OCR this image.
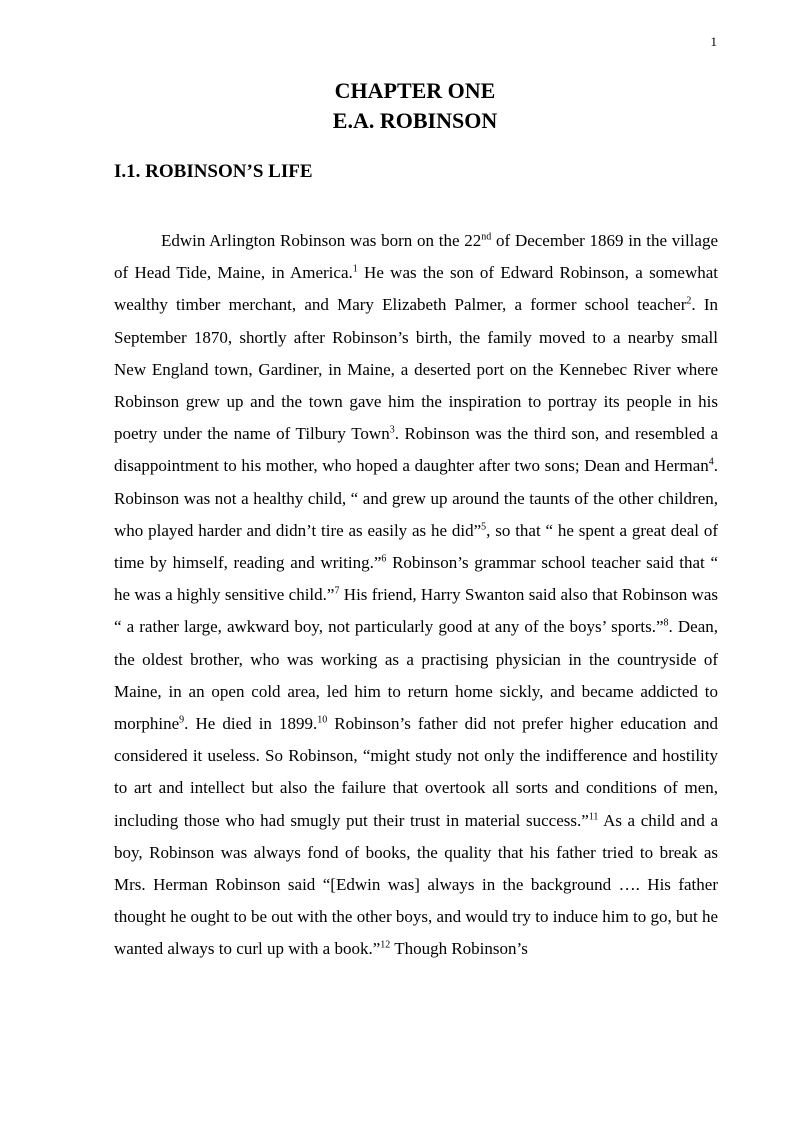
1
CHAPTER ONE
E.A. ROBINSON
I.1. ROBINSON’S LIFE

Edwin Arlington Robinson was born on the 22nd of December 1869 in the village of Head Tide, Maine, in America.$^1$ He was the son of Edward Robinson, a somewhat wealthy timber merchant, and Mary Elizabeth Palmer, a former school teacher$^2$. In September 1870, shortly after Robinson’s birth, the family moved to a nearby small New England town, Gardiner, in Maine, a deserted port on the Kennebec River where Robinson grew up and the town gave him the inspiration to portray its people in his poetry under the name of Tilbury Town$^3$. Robinson was the third son, and resembled a disappointment to his mother, who hoped a daughter after two sons; Dean and Herman$^4$. Robinson was not a healthy child, “ and grew up around the taunts of the other children, who played harder and didn’t tire as easily as he did”$^5$, so that “ he spent a great deal of time by himself, reading and writing.”$^6$ Robinson’s grammar school teacher said that “ he was a highly sensitive child.”$^7$ His friend, Harry Swanton said also that Robinson was “ a rather large, awkward boy, not particularly good at any of the boys’ sports.”$^8$. Dean, the oldest brother, who was working as a practising physician in the countryside of Maine, in an open cold area, led him to return home sickly, and became addicted to morphine$^9$. He died in 1899.10 Robinson’s father did not prefer higher education and considered it useless. So Robinson, “might study not only the indifference and hostility to art and intellect but also the failure that overtook all sorts and conditions of men, including those who had smugly put their trust in material success.”$^{11}$ As a child and a boy, Robinson was always fond of books, the quality that his father tried to break as Mrs. Herman Robinson said “[Edwin was] always in the background …. His father thought he ought to be out with the other boys, and would try to induce him to go, but he wanted always to curl up with a book.”$^{12}$ Though Robinson’s
